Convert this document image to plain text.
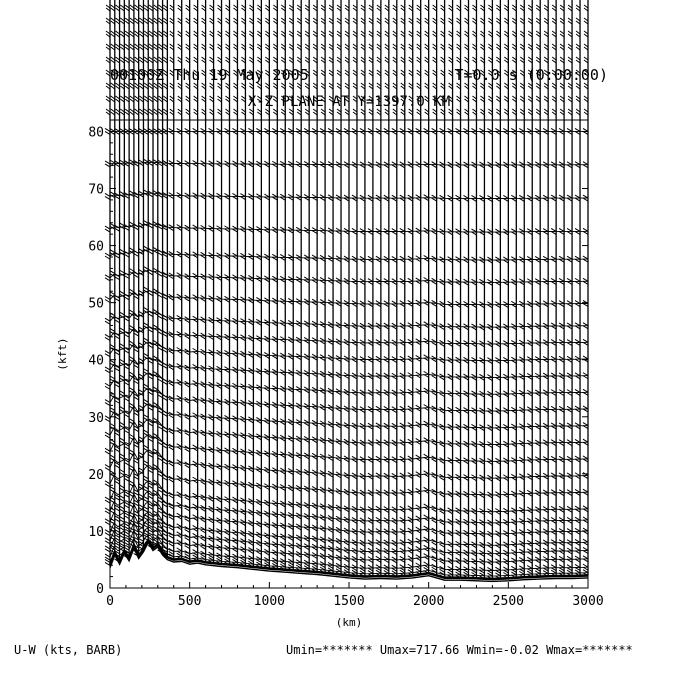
0	500	1000	1500	2000	2500	3000
0
10
20
30
40
50
60
70
80
00100Z Thu 19 May 2005	T=0.0 s (0:00:00)
X-Z PLANE AT Y=1397.0 KM
(km)
(kft)
U-W (kts, BARB)	Umin=******* Umax=717.66 Wmin=-0.02 Wmax=*******
